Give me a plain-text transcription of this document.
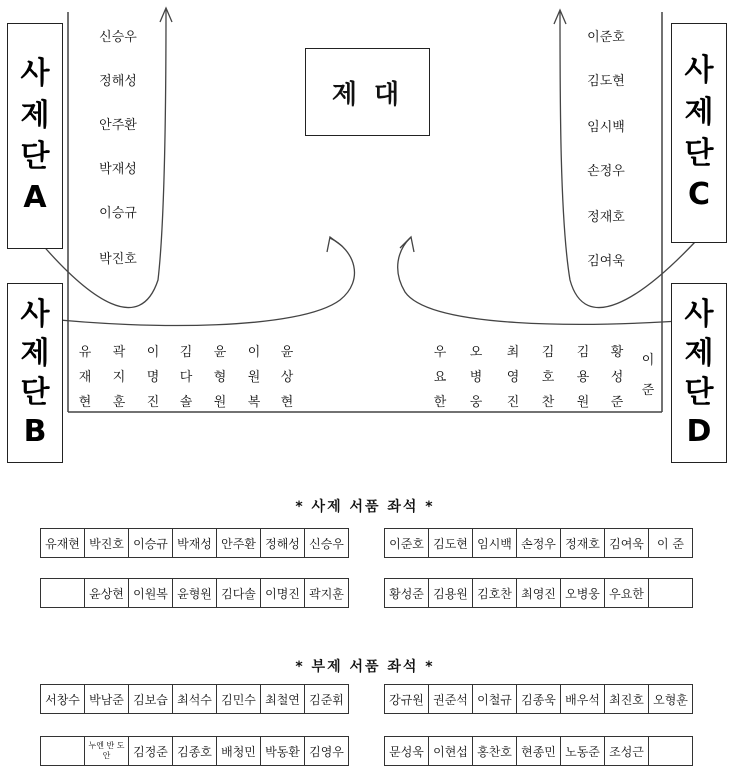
사
제
단
A
사
제
단
B
사
제
단
C
사
제
단
D
제 대
신승우
정해성
안주환
박재성
이승규
박진호
이준호
김도현
임시백
손정우
정재호
김여욱
유
재
현
곽
지
훈
이
명
진
김
다
솔
윤
형
원
이
원
복
윤
상
현
우
요
한
오
병
웅
최
영
진
김
호
찬
김
용
원
황
성
준
이
준
* 사제 서품 좌석 *
유재현	박진호	이승규	박재성	안주환	정해성	신승우	이준호	김도현	임시백	손정우	정재호	김여욱	이 준
	윤상현	이원복	윤형원	김다솔	이명진	곽지훈	황성준	김용원	김호찬	최영진	오병웅	우요한	
* 부제 서품 좌석 *
서창수	박남준	김보습	최석수	김민수	최철연	김준휘	강규원	권준석	이철규	김종욱	배우석	최진호	오형훈
	누엔 반 도안	김정준	김종호	배청민	박동환	김영우	문성욱	이현섭	홍찬호	현종민	노동준	조성근	
